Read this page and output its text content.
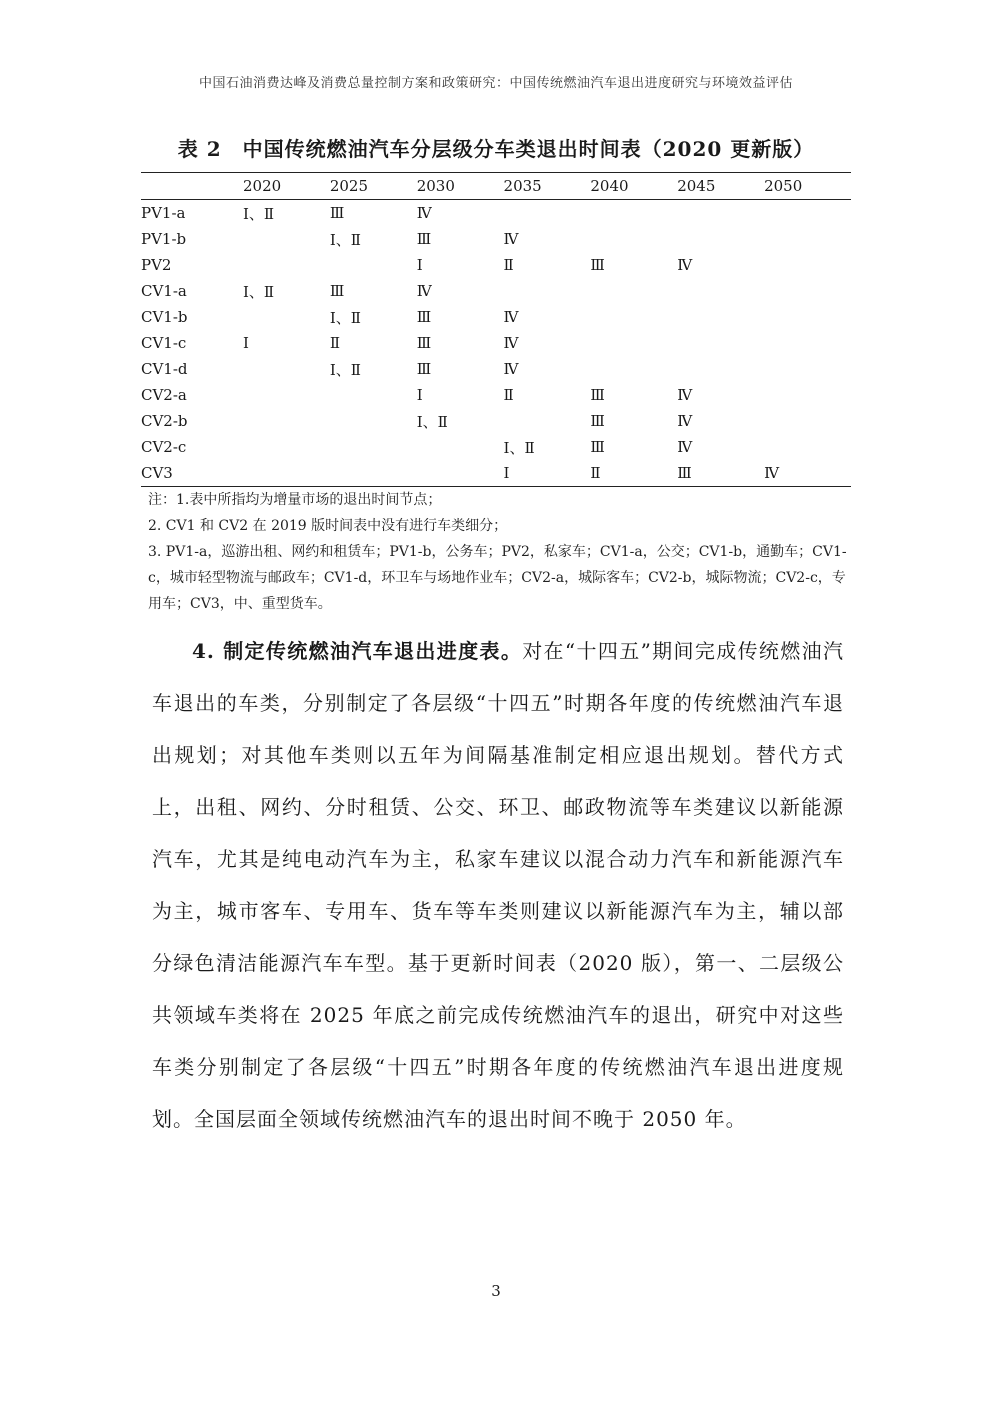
中国石油消费达峰及消费总量控制方案和政策研究：中国传统燃油汽车退出进度研究与环境效益评估
表 2　中国传统燃油汽车分层级分车类退出时间表（2020 更新版）
	2020	2025	2030	2035	2040	2045	2050
PV1-a	Ⅰ、Ⅱ	Ⅲ	Ⅳ				
PV1-b		Ⅰ、Ⅱ	Ⅲ	Ⅳ			
PV2			Ⅰ	Ⅱ	Ⅲ	Ⅳ	
CV1-a	Ⅰ、Ⅱ	Ⅲ	Ⅳ				
CV1-b		Ⅰ、Ⅱ	Ⅲ	Ⅳ			
CV1-c	Ⅰ	Ⅱ	Ⅲ	Ⅳ			
CV1-d		Ⅰ、Ⅱ	Ⅲ	Ⅳ			
CV2-a			Ⅰ	Ⅱ	Ⅲ	Ⅳ	
CV2-b			Ⅰ、Ⅱ		Ⅲ	Ⅳ	
CV2-c				Ⅰ、Ⅱ	Ⅲ	Ⅳ	
CV3				Ⅰ	Ⅱ	Ⅲ	Ⅳ

注：1.表中所指均为增量市场的退出时间节点；

2. CV1 和 CV2 在 2019 版时间表中没有进行车类细分；

3. PV1-a，巡游出租、网约和租赁车；PV1-b，公务车；PV2，私家车；CV1-a，公交；CV1-b，通勤车；CV1-c，城市轻型物流与邮政车；CV1-d，环卫车与场地作业车；CV2-a，城际客车；CV2-b，城际物流；CV2-c，专用车；CV3，中、重型货车。

4. 制定传统燃油汽车退出进度表。对在“十四五”期间完成传统燃油汽车退出的车类，分别制定了各层级“十四五”时期各年度的传统燃油汽车退出规划；对其他车类则以五年为间隔基准制定相应退出规划。替代方式上，出租、网约、分时租赁、公交、环卫、邮政物流等车类建议以新能源汽车，尤其是纯电动汽车为主，私家车建议以混合动力汽车和新能源汽车为主，城市客车、专用车、货车等车类则建议以新能源汽车为主，辅以部分绿色清洁能源汽车车型。基于更新时间表（2020 版），第一、二层级公共领域车类将在 2025 年底之前完成传统燃油汽车的退出，研究中对这些车类分别制定了各层级“十四五”时期各年度的传统燃油汽车退出进度规划。全国层面全领域传统燃油汽车的退出时间不晚于 2050 年。

3
